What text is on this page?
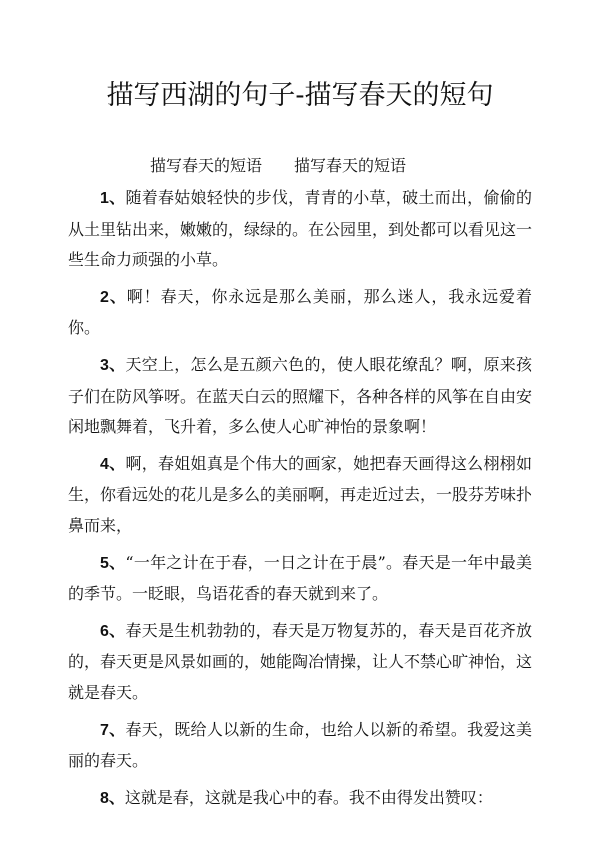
描写西湖的句子-描写春天的短句
描写春天的短语 描写春天的短语

1、随着春姑娘轻快的步伐，青青的小草，破土而出，偷偷的从土里钻出来，嫩嫩的，绿绿的。在公园里，到处都可以看见这一些生命力顽强的小草。

2、啊！春天，你永远是那么美丽，那么迷人，我永远爱着你。

3、天空上，怎么是五颜六色的，使人眼花缭乱？啊，原来孩子们在防风筝呀。在蓝天白云的照耀下，各种各样的风筝在自由安闲地飘舞着，飞升着，多么使人心旷神怡的景象啊！

4、啊，春姐姐真是个伟大的画家，她把春天画得这么栩栩如生，你看远处的花儿是多么的美丽啊，再走近过去，一股芬芳味扑鼻而来，

5、“一年之计在于春，一日之计在于晨”。春天是一年中最美的季节。一眨眼，鸟语花香的春天就到来了。

6、春天是生机勃勃的，春天是万物复苏的，春天是百花齐放的，春天更是风景如画的，她能陶冶情操，让人不禁心旷神怡，这就是春天。

7、春天，既给人以新的生命，也给人以新的希望。我爱这美丽的春天。

8、这就是春，这就是我心中的春。我不由得发出赞叹：
